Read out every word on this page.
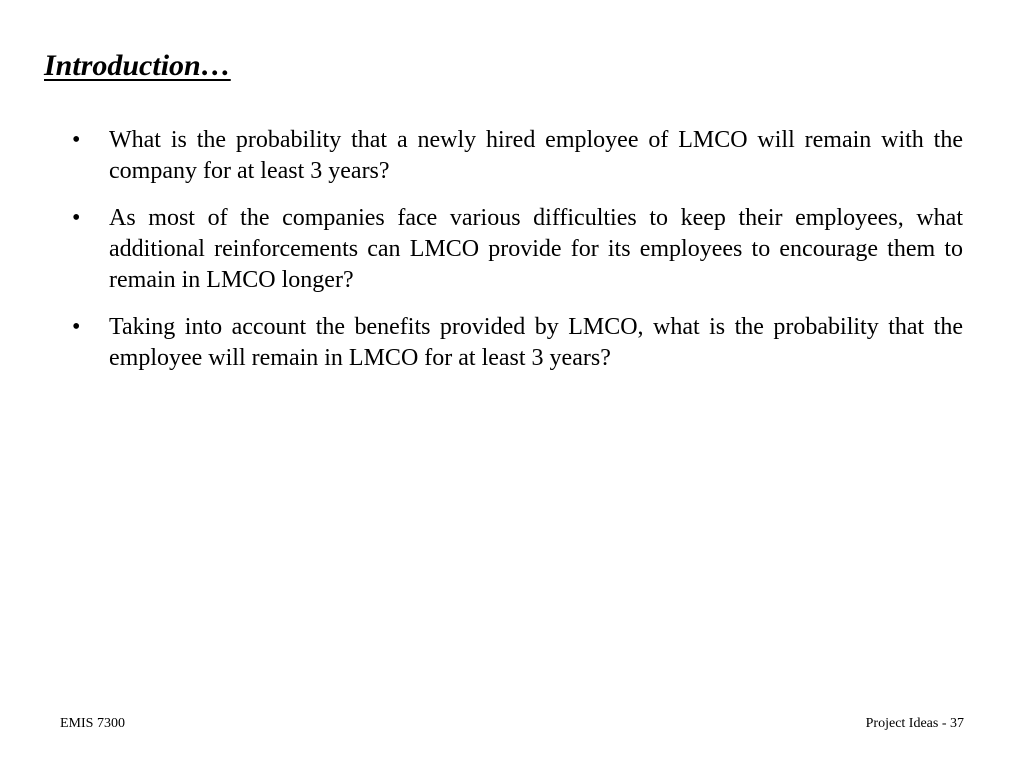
Introduction…
•	What is the probability that a newly hired employee of LMCO will remain with the company for at least 3 years?
•	As most of the companies face various difficulties to keep their employees, what additional reinforcements can LMCO provide for its employees to encourage them to remain in LMCO longer?
•	Taking into account the benefits provided by LMCO, what is the probability that the employee will remain in LMCO for at least 3 years?
EMIS 7300	Project Ideas - 37
